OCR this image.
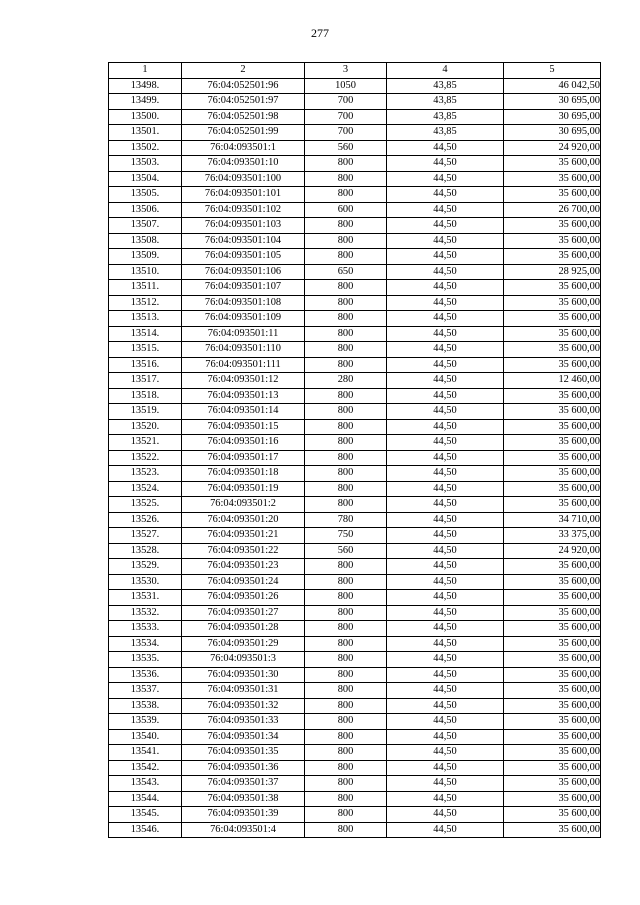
277
1	2	3	4	5
13498.	76:04:052501:96	1050	43,85	46 042,50
13499.	76:04:052501:97	700	43,85	30 695,00
13500.	76:04:052501:98	700	43,85	30 695,00
13501.	76:04:052501:99	700	43,85	30 695,00
13502.	76:04:093501:1	560	44,50	24 920,00
13503.	76:04:093501:10	800	44,50	35 600,00
13504.	76:04:093501:100	800	44,50	35 600,00
13505.	76:04:093501:101	800	44,50	35 600,00
13506.	76:04:093501:102	600	44,50	26 700,00
13507.	76:04:093501:103	800	44,50	35 600,00
13508.	76:04:093501:104	800	44,50	35 600,00
13509.	76:04:093501:105	800	44,50	35 600,00
13510.	76:04:093501:106	650	44,50	28 925,00
13511.	76:04:093501:107	800	44,50	35 600,00
13512.	76:04:093501:108	800	44,50	35 600,00
13513.	76:04:093501:109	800	44,50	35 600,00
13514.	76:04:093501:11	800	44,50	35 600,00
13515.	76:04:093501:110	800	44,50	35 600,00
13516.	76:04:093501:111	800	44,50	35 600,00
13517.	76:04:093501:12	280	44,50	12 460,00
13518.	76:04:093501:13	800	44,50	35 600,00
13519.	76:04:093501:14	800	44,50	35 600,00
13520.	76:04:093501:15	800	44,50	35 600,00
13521.	76:04:093501:16	800	44,50	35 600,00
13522.	76:04:093501:17	800	44,50	35 600,00
13523.	76:04:093501:18	800	44,50	35 600,00
13524.	76:04:093501:19	800	44,50	35 600,00
13525.	76:04:093501:2	800	44,50	35 600,00
13526.	76:04:093501:20	780	44,50	34 710,00
13527.	76:04:093501:21	750	44,50	33 375,00
13528.	76:04:093501:22	560	44,50	24 920,00
13529.	76:04:093501:23	800	44,50	35 600,00
13530.	76:04:093501:24	800	44,50	35 600,00
13531.	76:04:093501:26	800	44,50	35 600,00
13532.	76:04:093501:27	800	44,50	35 600,00
13533.	76:04:093501:28	800	44,50	35 600,00
13534.	76:04:093501:29	800	44,50	35 600,00
13535.	76:04:093501:3	800	44,50	35 600,00
13536.	76:04:093501:30	800	44,50	35 600,00
13537.	76:04:093501:31	800	44,50	35 600,00
13538.	76:04:093501:32	800	44,50	35 600,00
13539.	76:04:093501:33	800	44,50	35 600,00
13540.	76:04:093501:34	800	44,50	35 600,00
13541.	76:04:093501:35	800	44,50	35 600,00
13542.	76:04:093501:36	800	44,50	35 600,00
13543.	76:04:093501:37	800	44,50	35 600,00
13544.	76:04:093501:38	800	44,50	35 600,00
13545.	76:04:093501:39	800	44,50	35 600,00
13546.	76:04:093501:4	800	44,50	35 600,00
